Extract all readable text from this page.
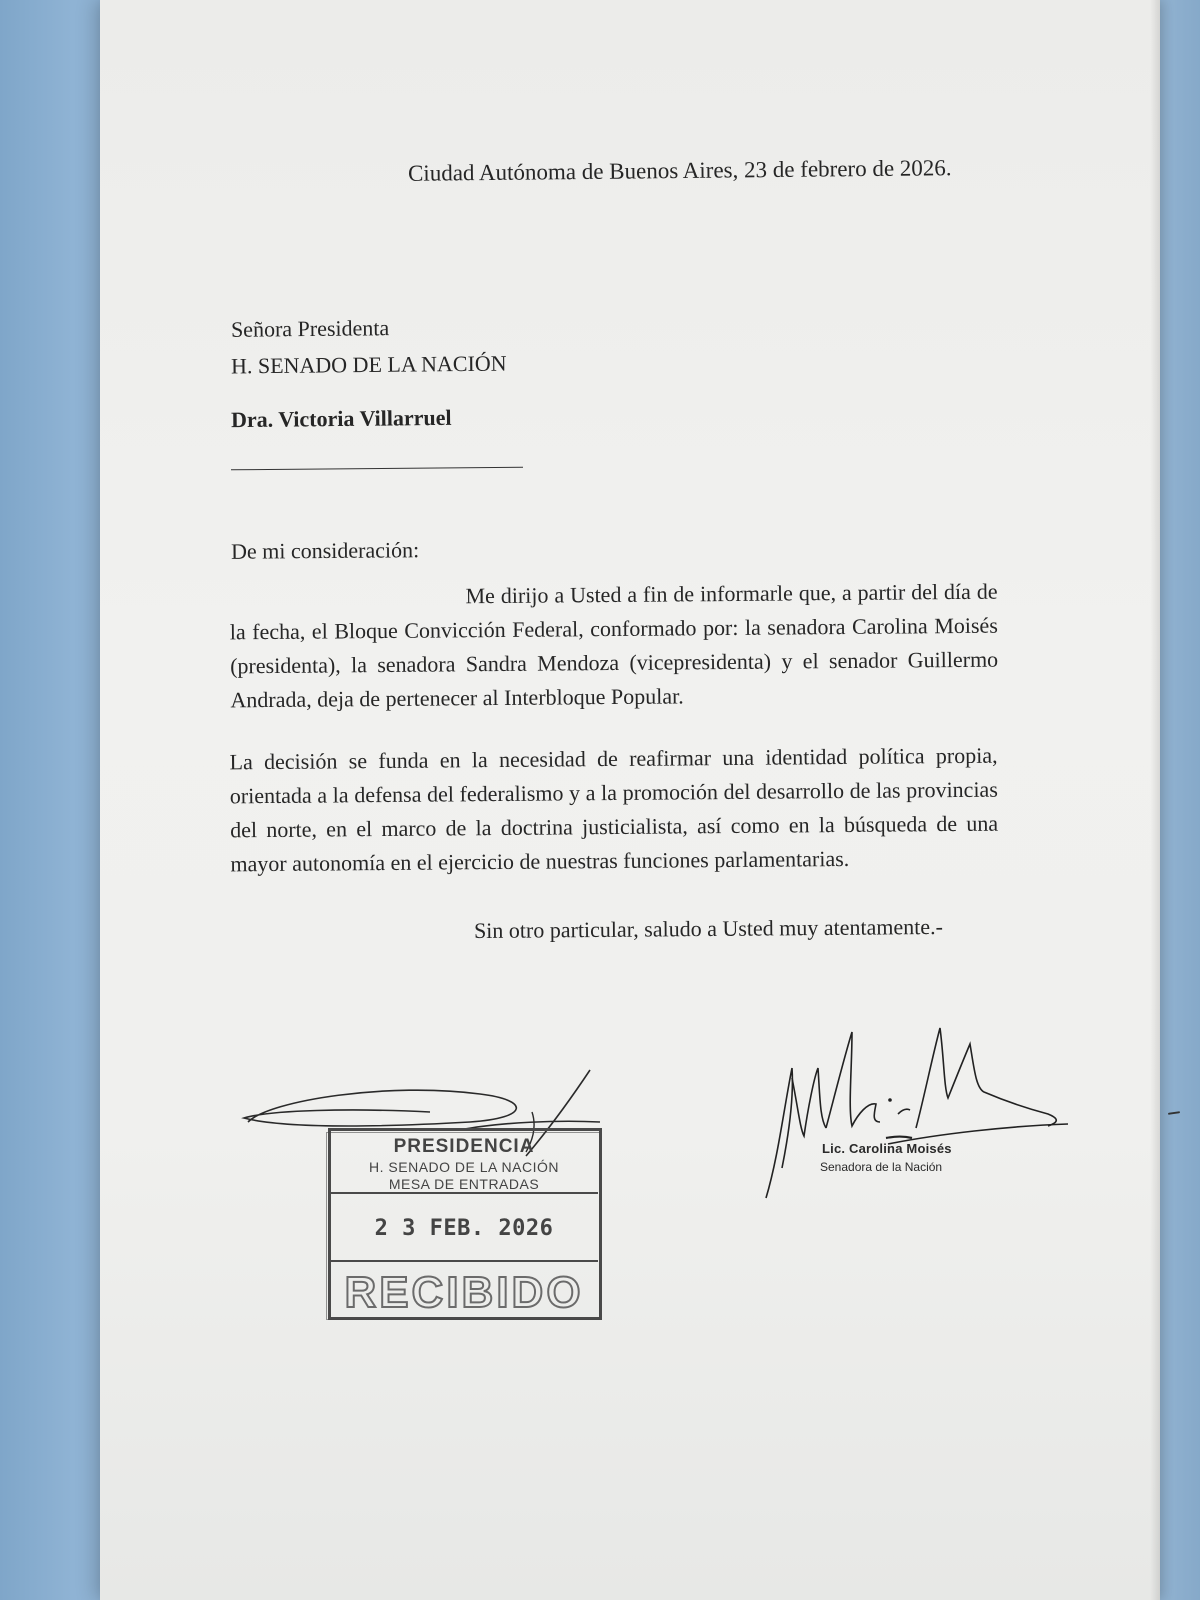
Ciudad Autónoma de Buenos Aires, 23 de febrero de 2026.
Señora Presidenta
H. SENADO DE LA NACIÓN
Dra. Victoria Villarruel
De mi consideración:
Me dirijo a Usted a fin de informarle que, a partir del día de la fecha, el Bloque Convicción Federal, conformado por: la senadora Carolina Moisés (presidenta), la senadora Sandra Mendoza (vicepresidenta) y el senador Guillermo Andrada, deja de pertenecer al Interbloque Popular.
La decisión se funda en la necesidad de reafirmar una identidad política propia, orientada a la defensa del federalismo y a la promoción del desarrollo de las provincias del norte, en el marco de la doctrina justicialista, así como en la búsqueda de una mayor autonomía en el ejercicio de nuestras funciones parlamentarias.
Sin otro particular, saludo a Usted muy atentamente.-
PRESIDENCIA
H. SENADO DE LA NACIÓN
MESA DE ENTRADAS
2 3 FEB. 2026
RECIBIDO
Lic. Carolina Moisés
Senadora de la Nación
